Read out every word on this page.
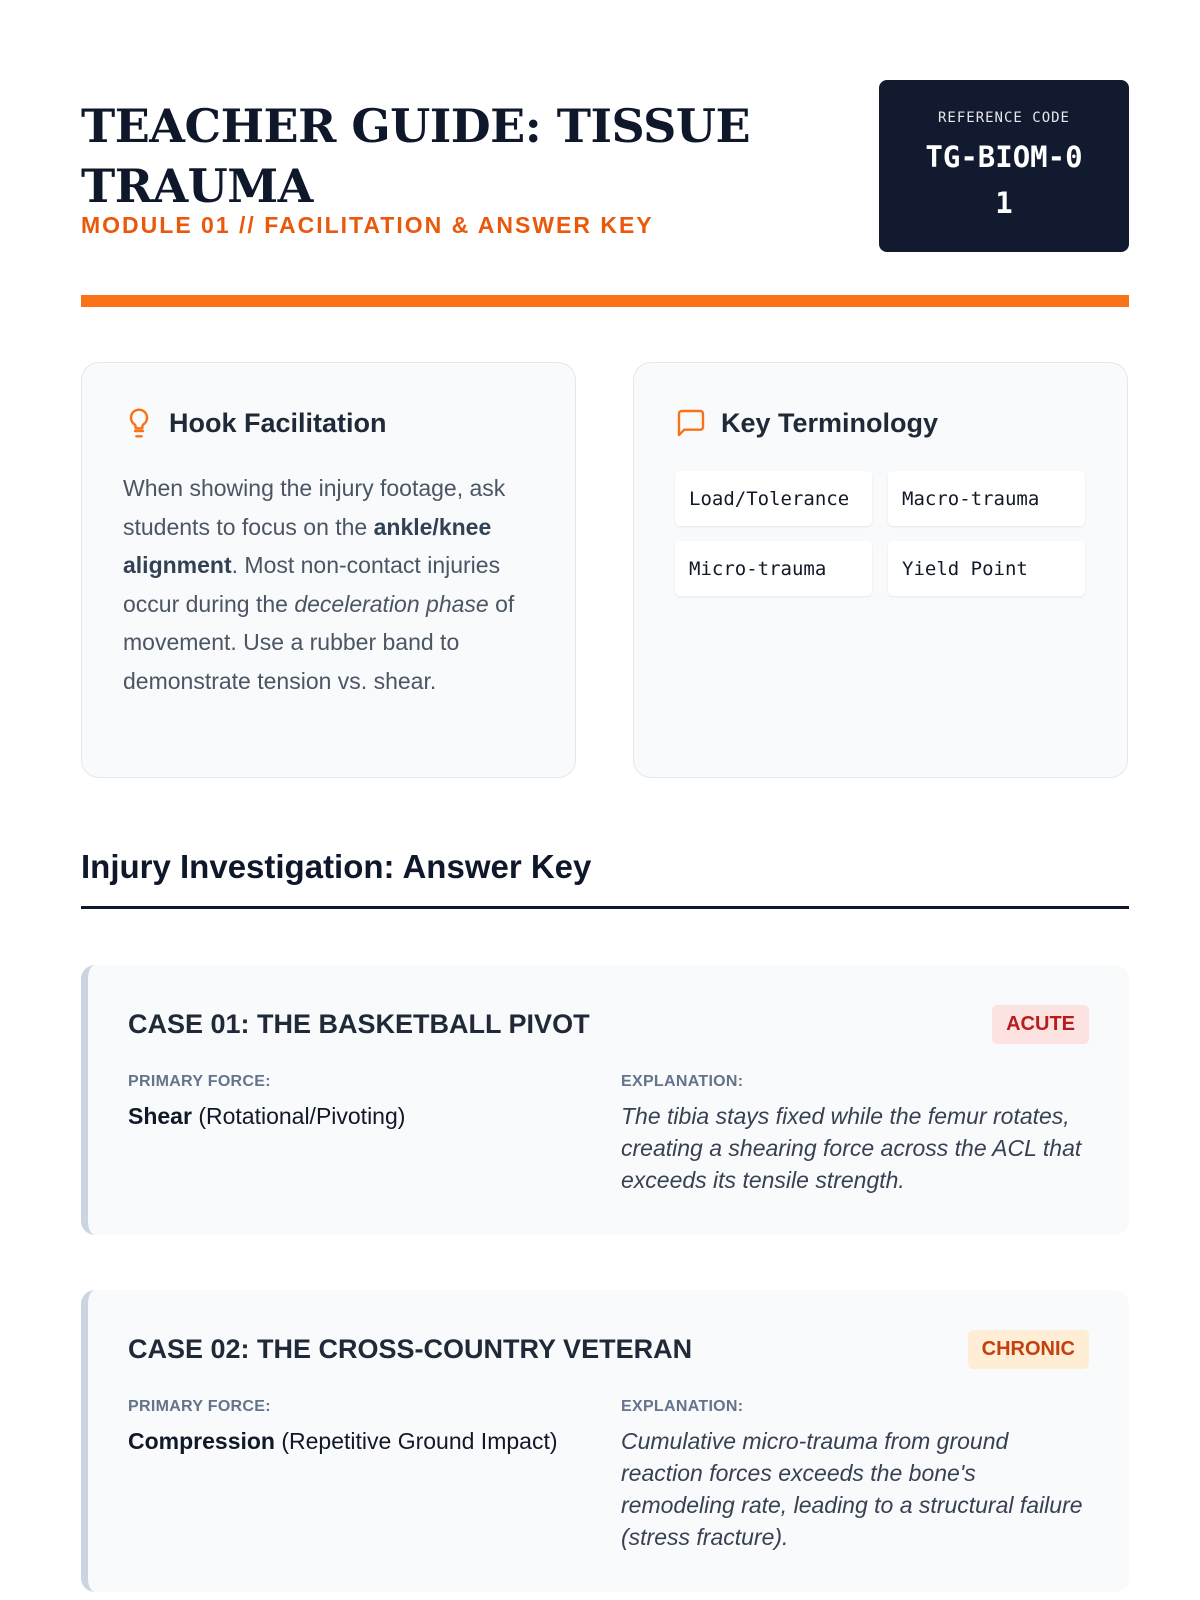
TEACHER GUIDE: TISSUE TRAUMA
MODULE 01 // FACILITATION & ANSWER KEY
REFERENCE CODE
TG-BIOM-01
Hook Facilitation
When showing the injury footage, ask students to focus on the ankle/knee alignment. Most non-contact injuries occur during the deceleration phase of movement. Use a rubber band to demonstrate tension vs. shear.
Key Terminology
Load/Tolerance	Macro-trauma
Micro-trauma	Yield Point
Injury Investigation: Answer Key
CASE 01: THE BASKETBALL PIVOT	ACUTE
PRIMARY FORCE:
Shear (Rotational/Pivoting)
EXPLANATION:
The tibia stays fixed while the femur rotates, creating a shearing force across the ACL that exceeds its tensile strength.
CASE 02: THE CROSS-COUNTRY VETERAN	CHRONIC
PRIMARY FORCE:
Compression (Repetitive Ground Impact)
EXPLANATION:
Cumulative micro-trauma from ground reaction forces exceeds the bone's remodeling rate, leading to a structural failure (stress fracture).
